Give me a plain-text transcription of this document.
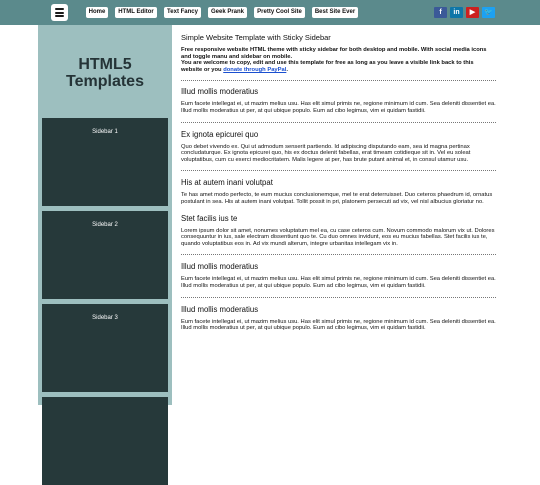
Home	HTML Editor	Text Fancy	Geek Prank	Pretty Cool Site	Best Site Ever	f	in	▶	🐦
HTML5
Templates
Sidebar 1
Sidebar 2
Sidebar 3
Simple Website Template with Sticky Sidebar
Free responsive website HTML theme with sticky sidebar for both desktop and mobile. With social media icons and toggle manu and sidebar on mobile.
You are welcome to copy, edit and use this template for free as long as you leave a visible link back to this website or you donate through PayPal.
Illud mollis moderatius
Eum facete intellegat ei, ut mazim melius usu. Has elit simul primis ne, regione minimum id cum. Sea deleniti dissentiet ea. Illud mollis moderatius ut per, at qui ubique populo. Eum ad cibo legimus, vim ei quidam fastidii.
Ex ignota epicurei quo
Quo debet vivendo ex. Qui ut admodum senserit partiendo. Id adipiscing disputando eam, sea id magna pertinax concludaturque. Ex ignota epicurei quo, his ex doctus delenit fabellas, erat timeam cotidieque sit in. Vel eu soleat voluptatibus, cum cu exerci mediocritatem. Malis legere at per, has brute putant animal et, in consul utamur usu.
His at autem inani volutpat
Te has amet modo perfecto, te eum mucius conclusionemque, mel te erat deterruisset. Duo ceteros phaedrum id, ornatus postulant in sea. His at autem inani volutpat. Tollit possit in pri, platonem persecuti ad vix, vel nisl albucius gloriatur no.
Stet facilis ius te
Lorem ipsum dolor sit amet, nonumes voluptatum mel ea, cu case ceteros cum. Novum commodo malorum vix ut. Dolores consequuntur in ius, sale electram dissentiunt quo te. Cu duo omnes invidunt, eos eu mucius fabellas. Stet facilis ius te, quando voluptatibus eos in. Ad vix mundi alterum, integre urbanitas intellegam vix in.
Illud mollis moderatius
Eum facete intellegat ei, ut mazim melius usu. Has elit simul primis ne, regione minimum id cum. Sea deleniti dissentiet ea. Illud mollis moderatius ut per, at qui ubique populo. Eum ad cibo legimus, vim ei quidam fastidii.
Illud mollis moderatius
Eum facete intellegat ei, ut mazim melius usu. Has elit simul primis ne, regione minimum id cum. Sea deleniti dissentiet ea. Illud mollis moderatius ut per, at qui ubique populo. Eum ad cibo legimus, vim ei quidam fastidii.
